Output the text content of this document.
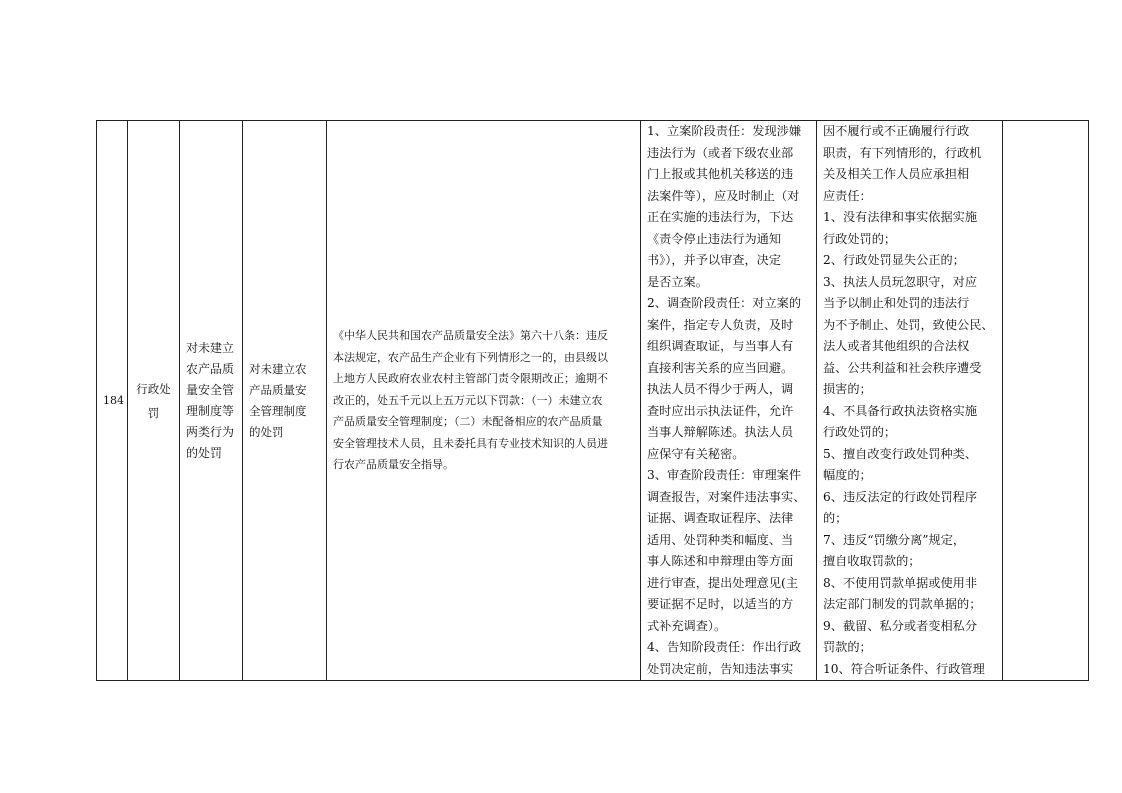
184	
行政处
罚

对未建立
农产品质
量安全管
理制度等
两类行为
的处罚

对未建立农
产品质量安
全管理制度
的处罚

《中华人民共和国农产品质量安全法》第六十八条：违反
本法规定，农产品生产企业有下列情形之一的，由县级以
上地方人民政府农业农村主管部门责令限期改正；逾期不
改正的，处五千元以上五万元以下罚款：（一）未建立农
产品质量安全管理制度；（二）未配备相应的农产品质量
安全管理技术人员，且未委托具有专业技术知识的人员进
行农产品质量安全指导。

1、立案阶段责任：发现涉嫌
违法行为（或者下级农业部
门上报或其他机关移送的违
法案件等），应及时制止（对
正在实施的违法行为，下达
《责令停止违法行为通知
书》），并予以审查，决定
是否立案。
2、调查阶段责任：对立案的
案件，指定专人负责，及时
组织调查取证，与当事人有
直接利害关系的应当回避。
执法人员不得少于两人，调
查时应出示执法证件，允许
当事人辩解陈述。执法人员
应保守有关秘密。
3、审查阶段责任：审理案件
调查报告，对案件违法事实、
证据、调查取证程序、法律
适用、处罚种类和幅度、当
事人陈述和申辩理由等方面
进行审查，提出处理意见(主
要证据不足时，以适当的方
式补充调查）。
4、告知阶段责任：作出行政
处罚决定前，告知违法事实

因不履行或不正确履行行政
职责，有下列情形的，行政机
关及相关工作人员应承担相
应责任：
1、没有法律和事实依据实施
行政处罚的；
2、行政处罚显失公正的；
3、执法人员玩忽职守，对应
当予以制止和处罚的违法行
为不予制止、处罚，致使公民、
法人或者其他组织的合法权
益、公共利益和社会秩序遭受
损害的；
4、不具备行政执法资格实施
行政处罚的；
5、擅自改变行政处罚种类、
幅度的；
6、违反法定的行政处罚程序
的；
7、违反“罚缴分离”规定，
擅自收取罚款的；
8、不使用罚款单据或使用非
法定部门制发的罚款单据的；
9、截留、私分或者变相私分
罚款的；
10、符合听证条件、行政管理
